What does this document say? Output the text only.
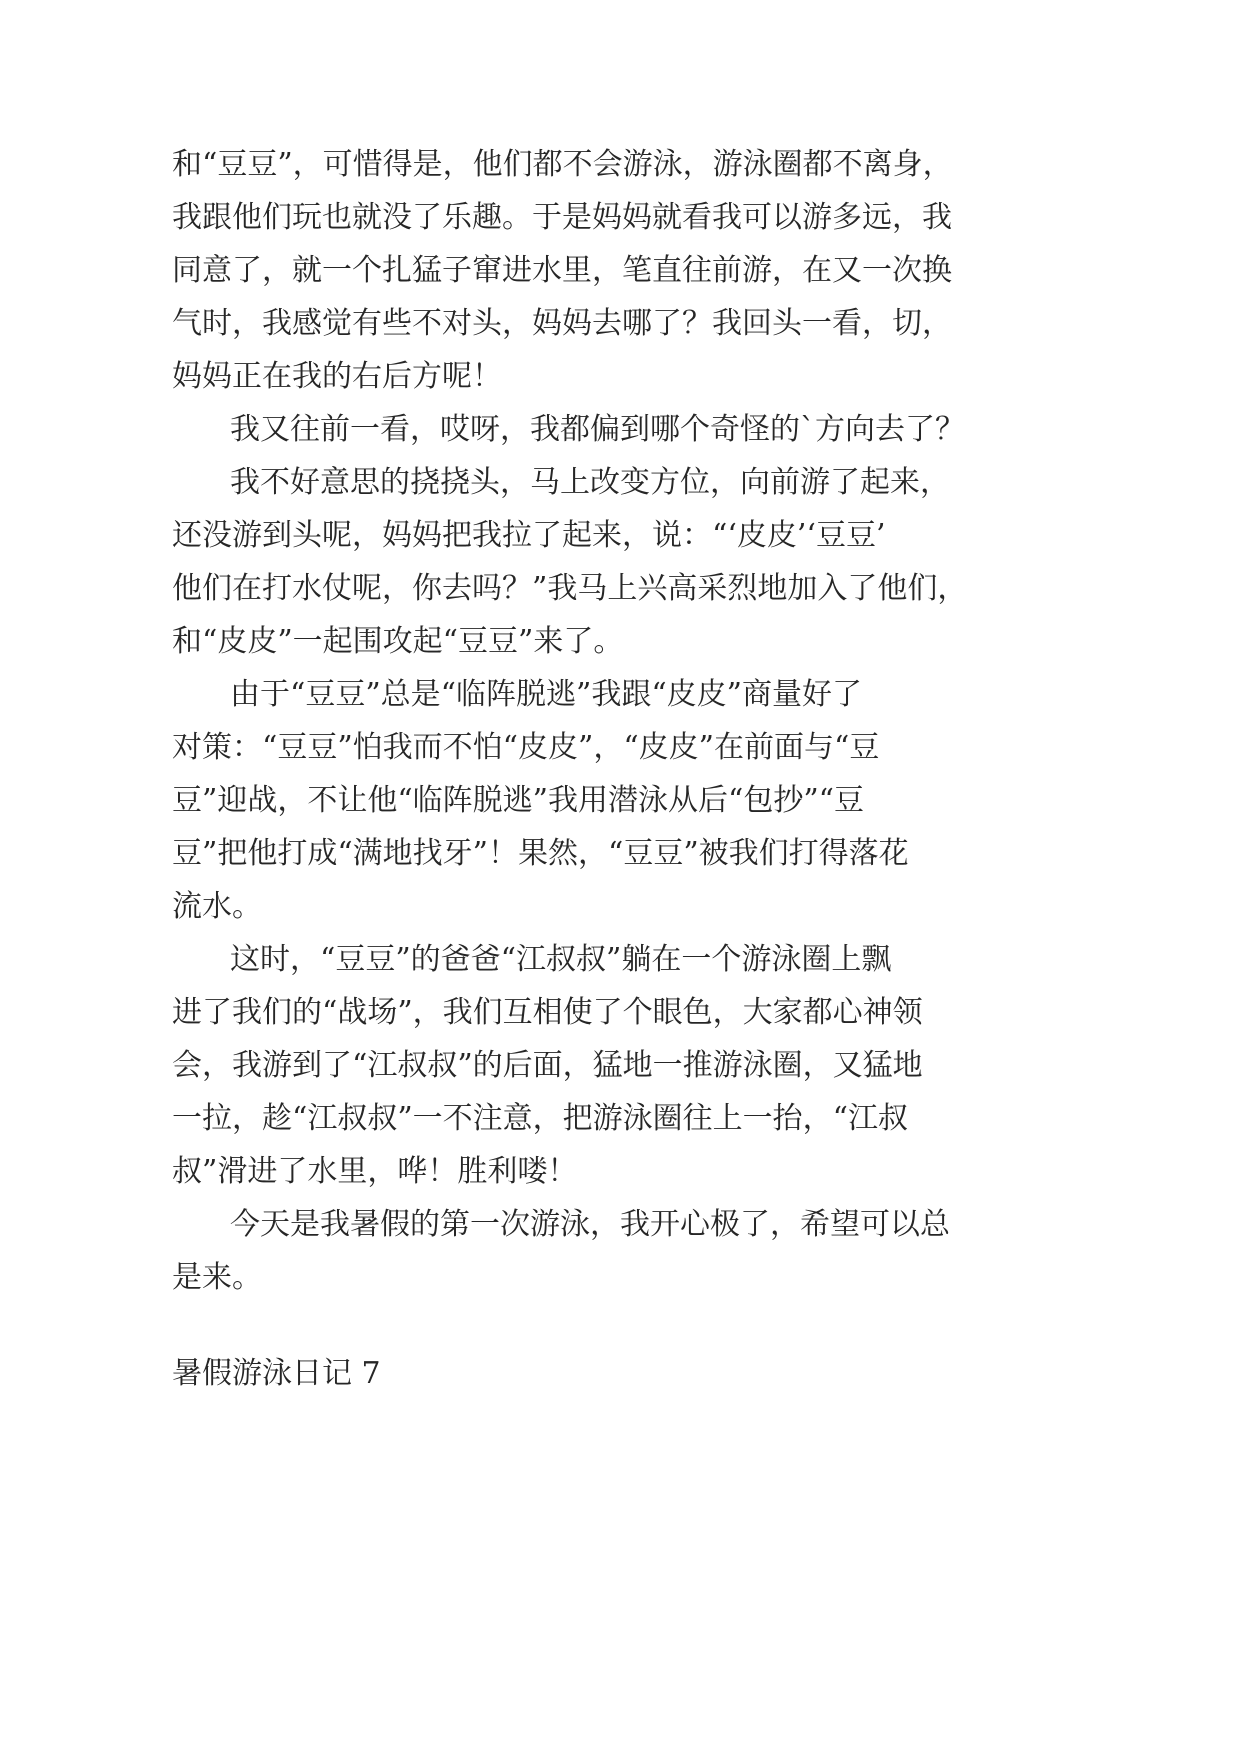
和“豆豆”，可惜得是，他们都不会游泳，游泳圈都不离身，

我跟他们玩也就没了乐趣。于是妈妈就看我可以游多远，我

同意了，就一个扎猛子窜进水里，笔直往前游，在又一次换

气时，我感觉有些不对头，妈妈去哪了？我回头一看，切，

妈妈正在我的右后方呢！

我又往前一看，哎呀，我都偏到哪个奇怪的`方向去了？

我不好意思的挠挠头，马上改变方位，向前游了起来，

还没游到头呢，妈妈把我拉了起来，说：“‘皮皮’‘豆豆’

他们在打水仗呢，你去吗？”我马上兴高采烈地加入了他们，

和“皮皮”一起围攻起“豆豆”来了。

由于“豆豆”总是“临阵脱逃”我跟“皮皮”商量好了

对策：“豆豆”怕我而不怕“皮皮”，“皮皮”在前面与“豆

豆”迎战，不让他“临阵脱逃”我用潜泳从后“包抄”“豆

豆”把他打成“满地找牙”！果然，“豆豆”被我们打得落花

流水。

这时，“豆豆”的爸爸“江叔叔”躺在一个游泳圈上飘

进了我们的“战场”，我们互相使了个眼色，大家都心神领

会，我游到了“江叔叔”的后面，猛地一推游泳圈，又猛地

一拉，趁“江叔叔”一不注意，把游泳圈往上一抬，“江叔

叔”滑进了水里，哗！胜利喽！

今天是我暑假的第一次游泳，我开心极了，希望可以总

是来。

暑假游泳日记 7
